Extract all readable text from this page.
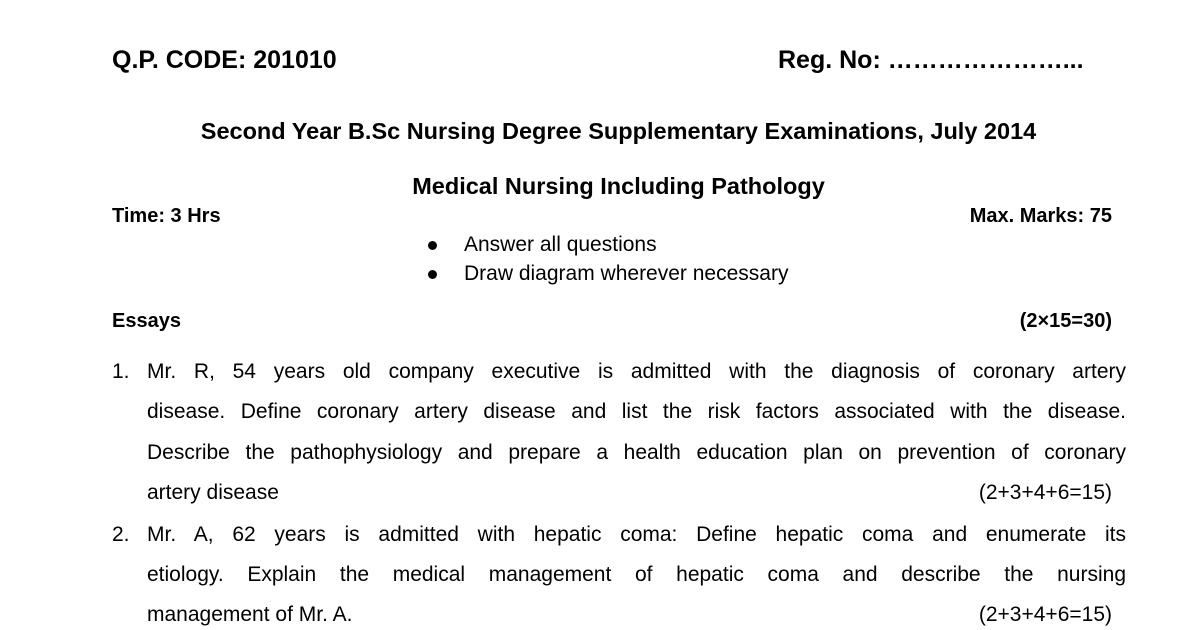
Q.P. CODE: 201010	Reg. No: …………………...
Second Year B.Sc Nursing Degree Supplementary Examinations, July 2014
Medical Nursing Including Pathology
Time: 3 Hrs	Max. Marks: 75
Answer all questions
Draw diagram wherever necessary
Essays	(2×15=30)
1. Mr. R, 54 years old company executive is admitted with the diagnosis of coronary artery
disease. Define coronary artery disease and list the risk factors associated with the disease.
Describe the pathophysiology and prepare a health education plan on prevention of coronary
artery disease	(2+3+4+6=15)
2. Mr. A, 62 years is admitted with hepatic coma: Define hepatic coma and enumerate its
etiology. Explain the medical management of hepatic coma and describe the nursing
management of Mr. A.	(2+3+4+6=15)
